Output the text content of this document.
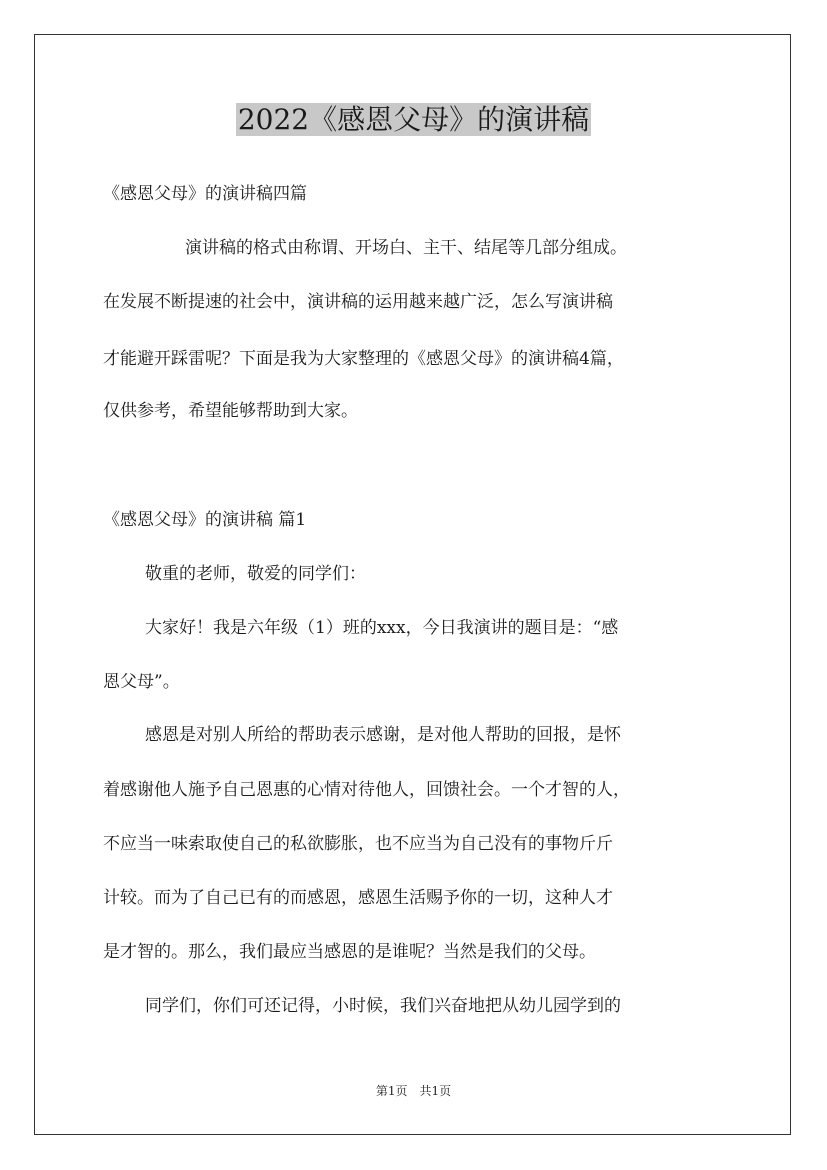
2022《感恩父母》的演讲稿
《感恩父母》的演讲稿四篇
演讲稿的格式由称谓、开场白、主干、结尾等几部分组成。
在发展不断提速的社会中，演讲稿的运用越来越广泛，怎么写演讲稿
才能避开踩雷呢？下面是我为大家整理的《感恩父母》的演讲稿4篇，
仅供参考，希望能够帮助到大家。
《感恩父母》的演讲稿 篇1
敬重的老师，敬爱的同学们：
大家好！我是六年级（1）班的xxx，今日我演讲的题目是：“感
恩父母”。
感恩是对别人所给的帮助表示感谢，是对他人帮助的回报，是怀
着感谢他人施予自己恩惠的心情对待他人，回馈社会。一个才智的人，
不应当一味索取使自己的私欲膨胀，也不应当为自己没有的事物斤斤
计较。而为了自己已有的而感恩，感恩生活赐予你的一切，这种人才
是才智的。那么，我们最应当感恩的是谁呢？当然是我们的父母。
同学们，你们可还记得，小时候，我们兴奋地把从幼儿园学到的
第1页　共1页
